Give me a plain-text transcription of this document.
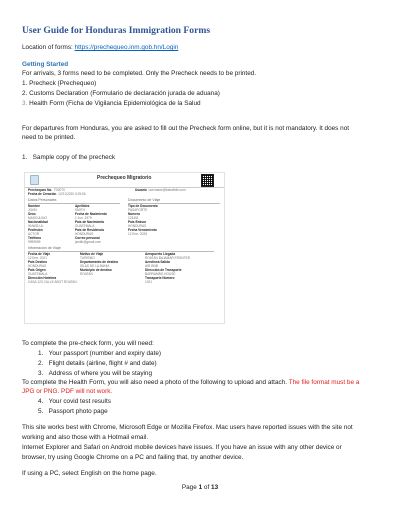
User Guide for Honduras Immigration Forms
Location of forms: https://prechequeo.inm.gob.hn/Login
Getting Started
For arrivals, 3 forms need to be completed. Only the Precheck needs to be printed.
1. Precheck (Prechequeo)
2. Customs Declaration (Formulario de declaración jurada de aduana)
3. Health Form (Ficha de Vigilancia Epidemiológica de la Salud
For departures from Honduras, you are asked to fill out the Precheck form online, but it is not mandatory. It does not
need to be printed.
1. Sample copy of the precheck
Prechequeo Migratorio
Prechequeo No. F00070	Usuario username@bstraffdiv.com
Fecha de Creación 12/21/2020 5:25:56
Datos Personales	Documento de Viaje
Nombre
JOHN
Apellidos
SMITH
Sexo
MASCULINO
Fecha de Nacimiento
1 Jun. 1979
Nacionalidad
HNWZLUL
País de Nacimiento
GUATEMALA
Profesión
ACTOR
País de Residencia
HONDURAS
Teléfono
9999999
Correo personal
jsmith@gmail.com
Tipo de Documento
PASAPORTE
Número
123451
País Emisor
HONDURAS
Fecha Vencimiento
12 Ene. 2028
Información de Viaje
Fecha de Viaje
12 Ene. 2021
Motivo de Viaje
TURISMO
Aeropuerto Llegada
ROATAN BAJAMAR FRONTER
País Destino
HONDURAS
Departamento de destino
ISLAS DE LA BAHIA
Aerolínea Salida
AIR-BNB
País Origen
GUATEMALA
Municipio de destino
ROATAN
Dirección de Transporte
BARRAMBO HOUSE
Dirección Hotelera
CASA 123 CALLE ABOT ROATAN
Transporte Número
1021
To complete the pre-check form, you will need:
1. Your passport (number and expiry date)
2. Flight details (airline, flight # and date)
3. Address of where you will be staying
To complete the Health Form, you will also need a photo of the following to upload and attach. The file format must be a
JPG or PNG. PDF will not work.
4. Your covid test results
5. Passport photo page
This site works best with Chrome, Microsoft Edge or Mozilla Firefox. Mac users have reported issues with the site not
working and also those with a Hotmail email.
Internet Explorer and Safari on Android mobile devices have issues. If you have an issue with any other device or
browser, try using Google Chrome on a PC and failing that, try another device.
If using a PC, select English on the home page.
Page 1 of 13
